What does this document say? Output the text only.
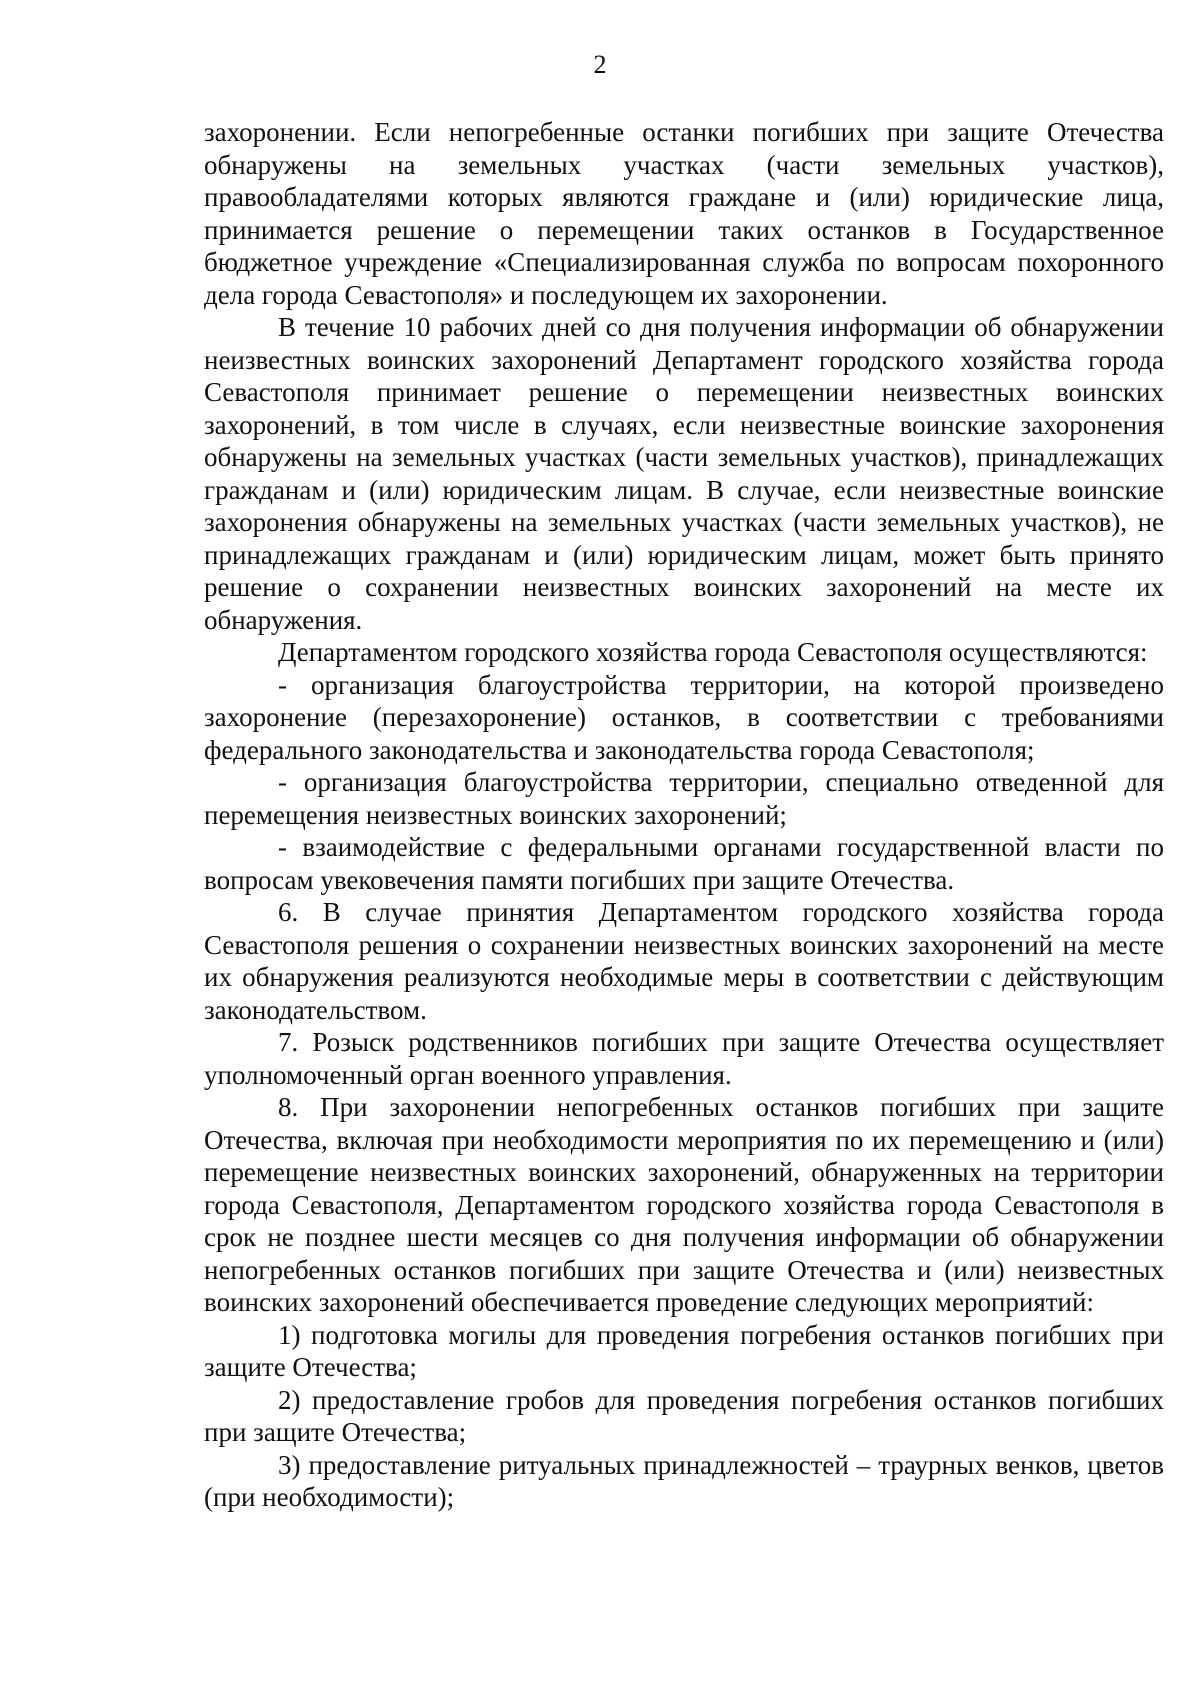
2

захоронении. Если непогребенные останки погибших при защите Отечества обнаружены на земельных участках (части земельных участков), правообладателями которых являются граждане и (или) юридические лица, принимается решение о перемещении таких останков в Государственное бюджетное учреждение «Специализированная служба по вопросам похоронного дела города Севастополя» и последующем их захоронении.

В течение 10 рабочих дней со дня получения информации об обнаружении неизвестных воинских захоронений Департамент городского хозяйства города Севастополя принимает решение о перемещении неизвестных воинских захоронений, в том числе в случаях, если неизвестные воинские захоронения обнаружены на земельных участках (части земельных участков), принадлежащих гражданам и (или) юридическим лицам. В случае, если неизвестные воинские захоронения обнаружены на земельных участках (части земельных участков), не принадлежащих гражданам и (или) юридическим лицам, может быть принято решение о сохранении неизвестных воинских захоронений на месте их обнаружения.

Департаментом городского хозяйства города Севастополя осуществляются:

- организация благоустройства территории, на которой произведено захоронение (перезахоронение) останков, в соответствии с требованиями федерального законодательства и законодательства города Севастополя;

- организация благоустройства территории, специально отведенной для перемещения неизвестных воинских захоронений;

- взаимодействие с федеральными органами государственной власти по вопросам увековечения памяти погибших при защите Отечества.

6. В случае принятия Департаментом городского хозяйства города Севастополя решения о сохранении неизвестных воинских захоронений на месте их обнаружения реализуются необходимые меры в соответствии с действующим законодательством.

7. Розыск родственников погибших при защите Отечества осуществляет уполномоченный орган военного управления.

8. При захоронении непогребенных останков погибших при защите Отечества, включая при необходимости мероприятия по их перемещению и (или) перемещение неизвестных воинских захоронений, обнаруженных на территории города Севастополя, Департаментом городского хозяйства города Севастополя в срок не позднее шести месяцев со дня получения информации об обнаружении непогребенных останков погибших при защите Отечества и (или) неизвестных воинских захоронений обеспечивается проведение следующих мероприятий:

1) подготовка могилы для проведения погребения останков погибших при защите Отечества;

2) предоставление гробов для проведения погребения останков погибших при защите Отечества;

3) предоставление ритуальных принадлежностей – траурных венков, цветов (при необходимости);
